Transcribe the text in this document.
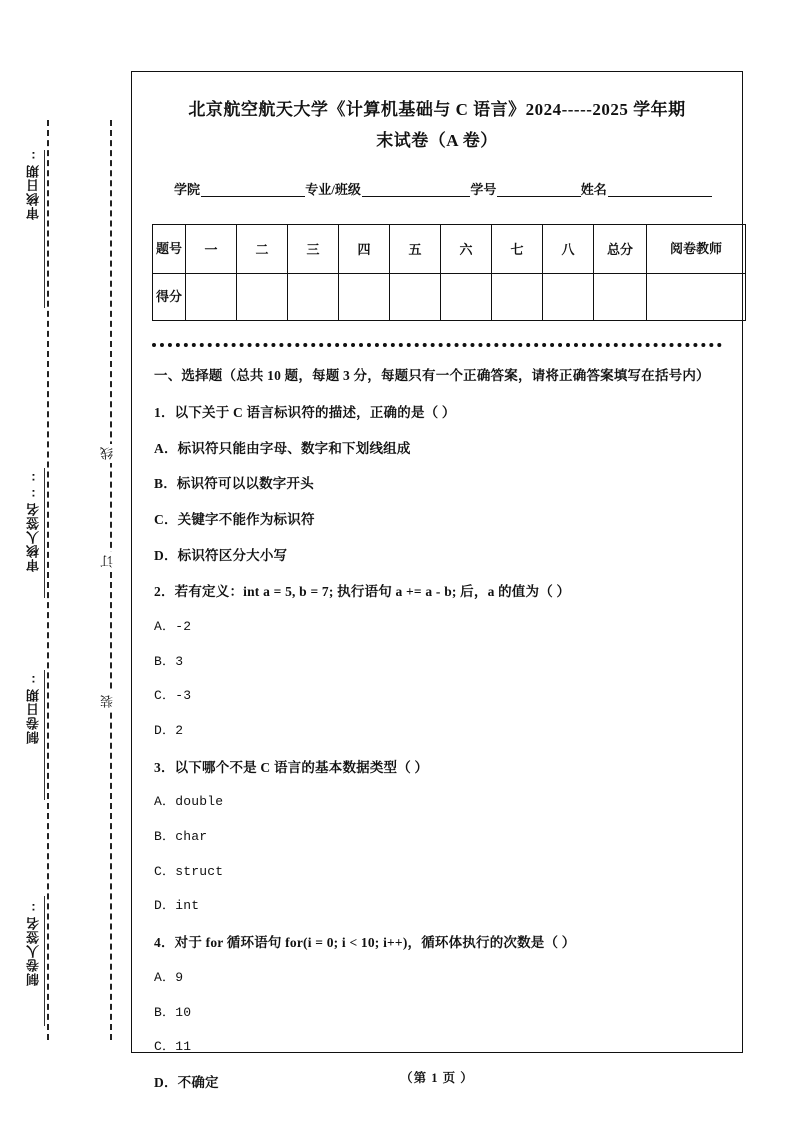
审核日期:
审核人签名::
制卷日期:
制卷人签名:
线
订
装
北京航空航天大学《计算机基础与 C 语言》2024-----2025 学年期
末试卷（A 卷）
学院	专业/班级	学号	姓名
题号	一	二	三	四	五	六	七	八	总分	阅卷教师
得分										
一、选择题（总共 10 题，每题 3 分，每题只有一个正确答案，请将正确答案填写在括号内）
1．以下关于 C 语言标识符的描述，正确的是（ ）
A．标识符只能由字母、数字和下划线组成
B．标识符可以以数字开头
C．关键字不能作为标识符
D．标识符区分大小写
2．若有定义：int a = 5, b = 7; 执行语句 a += a - b; 后，a 的值为（ ）
A．-2
B．3
C．-3
D．2
3．以下哪个不是 C 语言的基本数据类型（ ）
A．double
B．char
C．struct
D．int
4．对于 for 循环语句 for(i = 0; i < 10; i++)，循环体执行的次数是（ ）
A．9
B．10
C．11
D．不确定	（第 1 页 ）
